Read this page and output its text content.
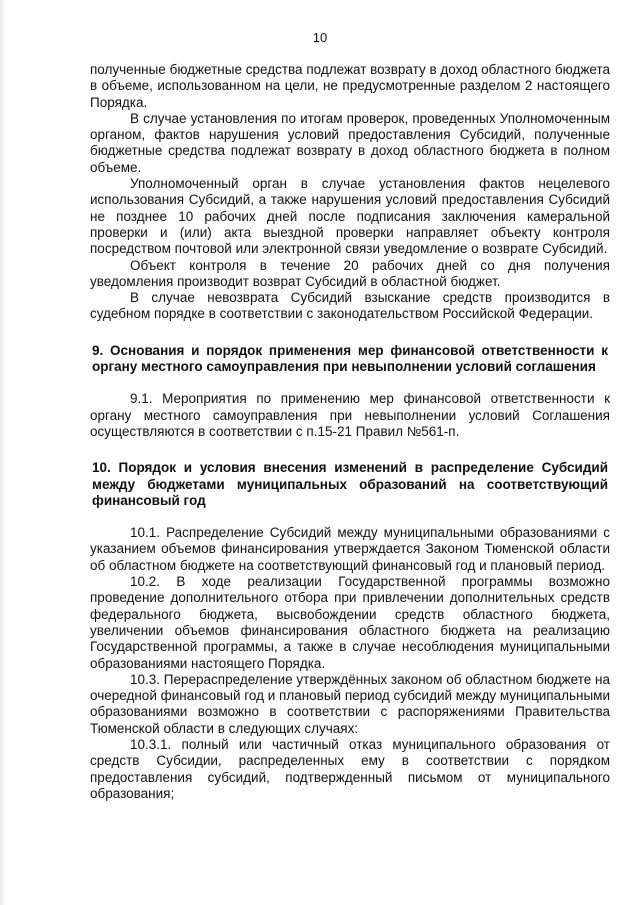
10

полученные бюджетные средства подлежат возврату в доход областного бюджета в объеме, использованном на цели, не предусмотренные разделом 2 настоящего Порядка.

В случае установления по итогам проверок, проведенных Уполномоченным органом, фактов нарушения условий предоставления Субсидий, полученные бюджетные средства подлежат возврату в доход областного бюджета в полном объеме.

Уполномоченный орган в случае установления фактов нецелевого использования Субсидий, а также нарушения условий предоставления Субсидий не позднее 10 рабочих дней после подписания заключения камеральной проверки и (или) акта выездной проверки направляет объекту контроля посредством почтовой или электронной связи уведомление о возврате Субсидий.

Объект контроля в течение 20 рабочих дней со дня получения уведомления производит возврат Субсидий в областной бюджет.

В случае невозврата Субсидий взыскание средств производится в судебном порядке в соответствии с законодательством Российской Федерации.

9. Основания и порядок применения мер финансовой ответственности к органу местного самоуправления при невыполнении условий соглашения

9.1. Мероприятия по применению мер финансовой ответственности к органу местного самоуправления при невыполнении условий Соглашения осуществляются в соответствии с п.15-21 Правил №561-п.

10. Порядок и условия внесения изменений в распределение Субсидий между бюджетами муниципальных образований на соответствующий финансовый год

10.1. Распределение Субсидий между муниципальными образованиями с указанием объемов финансирования утверждается Законом Тюменской области об областном бюджете на соответствующий финансовый год и плановый период.

10.2. В ходе реализации Государственной программы возможно проведение дополнительного отбора при привлечении дополнительных средств федерального бюджета, высвобождении средств областного бюджета, увеличении объемов финансирования областного бюджета на реализацию Государственной программы, а также в случае несоблюдения муниципальными образованиями настоящего Порядка.

10.3. Перераспределение утверждённых законом об областном бюджете на очередной финансовый год и плановый период субсидий между муниципальными образованиями возможно в соответствии с распоряжениями Правительства Тюменской области в следующих случаях:

10.3.1. полный или частичный отказ муниципального образования от средств Субсидии, распределенных ему в соответствии с порядком предоставления субсидий, подтвержденный письмом от муниципального образования;
